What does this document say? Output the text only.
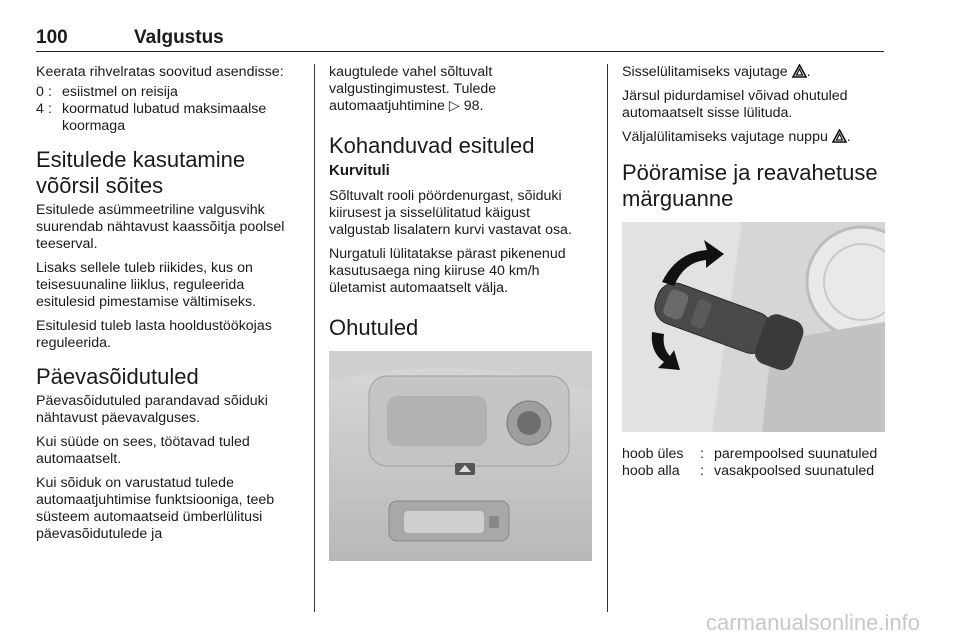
100	Valgustus

Keerata rihvelratas soovitud asendisse:

0 : esiistmel on reisija
4 : koormatud lubatud maksimaalse koormaga
Esitulede kasutamine võõrsil sõites

Esitulede asümmeetriline valgusvihk suurendab nähtavust kaassõitja poolsel teeserval.

Lisaks sellele tuleb riikides, kus on teisesuunaline liiklus, reguleerida esitulesid pimestamise vältimiseks.

Esitulesid tuleb lasta hooldustöökojas reguleerida.

Päevasõidutuled

Päevasõidutuled parandavad sõiduki nähtavust päevavalguses.

Kui süüde on sees, töötavad tuled automaatselt.

Kui sõiduk on varustatud tulede automaatjuhtimise funktsiooniga, teeb süsteem automaatseid ümberlülitusi päevasõidutulede ja

kaugtulede vahel sõltuvalt valgustingimustest. Tulede automaatjuhtimine ▷ 98.

Kohanduvad esituled
Kurvituli

Sõltuvalt rooli pöördenurgast, sõiduki kiirusest ja sisselülitatud käigust valgustab lisalatern kurvi vastavat osa.

Nurgatuli lülitatakse pärast pikenenud kasutusaega ning kiiruse 40 km/h ületamist automaatselt välja.

Ohutuled

Sisselülitamiseks vajutage .

Järsul pidurdamisel võivad ohutuled automaatselt sisse lülituda.

Väljalülitamiseks vajutage nuppu .

Pööramise ja reavahetuse märguanne
hoob üles	: parempoolsed suunatuled
hoob alla	: vasakpoolsed suunatuled
carmanualsonline.info
